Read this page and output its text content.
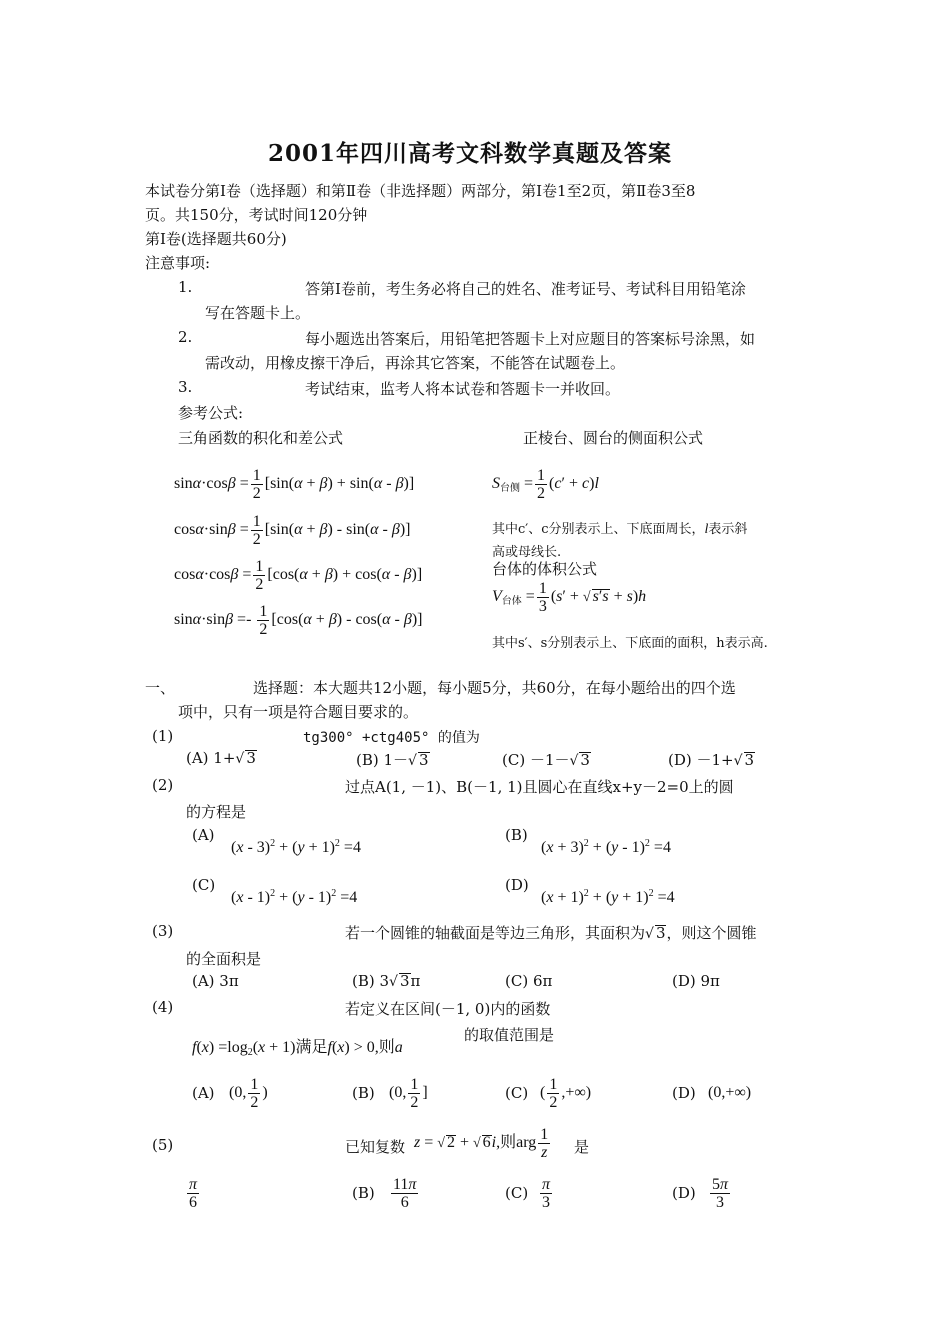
2001年四川高考文科数学真题及答案
本试卷分第Ⅰ卷（选择题）和第Ⅱ卷（非选择题）两部分，第Ⅰ卷1至2页，第Ⅱ卷3至8
页。共150分，考试时间120分钟
第Ⅰ卷(选择题共60分)
注意事项:
1.	答第Ⅰ卷前，考生务必将自己的姓名、准考证号、考试科目用铅笔涂
写在答题卡上。
2.	每小题选出答案后，用铅笔把答题卡上对应题目的答案标号涂黑，如
需改动，用橡皮擦干净后，再涂其它答案，不能答在试题卷上。
3.	考试结束，监考人将本试卷和答题卡一并收回。
参考公式:
三角函数的积化和差公式	正棱台、圆台的侧面积公式
$\sin\alpha\cdot\cos\beta = \frac{1}{2} [\sin(\alpha + \beta) + \sin(\alpha - \beta)]$
$\cos\alpha\cdot\sin\beta = \frac{1}{2} [\sin(\alpha + \beta) - \sin(\alpha - \beta)]$
$\cos\alpha\cdot\cos\beta = \frac{1}{2} [\cos(\alpha + \beta) + \cos(\alpha - \beta)]$
$\sin\alpha\cdot\sin\beta =- \frac{1}{2} [\cos(\alpha + \beta) - \cos(\alpha - \beta)]$
$S_{台侧} = \frac{1}{2} (c' + c)l$
其中c′、c分别表示上、下底面周长，l表示斜
高或母线长.
台体的体积公式
$V_{台体} = \frac{1}{3} (s'$ + √ s′s + s)h
其中s′、s分别表示上、下底面的面积，h表示高.
一、	选择题：本大题共12小题，每小题5分，共60分，在每小题给出的四个选
项中，只有一项是符合题目要求的。
(1)	tg300° +ctg405° 的值为
(A) 1+√ 3	(B) 1－√ 3	(C) －1－√ 3	(D) －1+√ 3
(2)	过点A(1, －1)、B(－1, 1)且圆心在直线x+y－2=0上的圆
的方程是
(A)
$(x - 3)^2 + (y + 1)^2 =4$
(B)
$(x + 3)^2 + (y - 1)^2 =4$
(C)
(x - 1)$^2$ + (y - 1)$^2$ =4
(D)
$(x + 1)^2 + (y + 1)^2 =4$
(3)	若一个圆锥的轴截面是等边三角形，其面积为√ 3，则这个圆锥
的全面积是
(A) 3π	(B) 3√ 3π	(C) 6π	(D) 9π
(4)	若定义在区间(－1, 0)内的函数
$f(x) =\log_2(x + 1)$满足f(x) > 0,则a
的取值范围是
(A) (0, $\frac{1}{2}$ )	(B) (0, $\frac{1}{2}$ ]	(C) ( $\frac{1}{2}$ ,+∞)	(D) (0,+∞)
(5)	已知复数 z = √ 2 + √ 6i,则arg $\frac{1}{z}$ 是
$\frac{\pi}{6}$	$(B) \frac{11\pi}{6}$	$(C) \frac{\pi}{3}$	$(D) \frac{5\pi}{3}$
